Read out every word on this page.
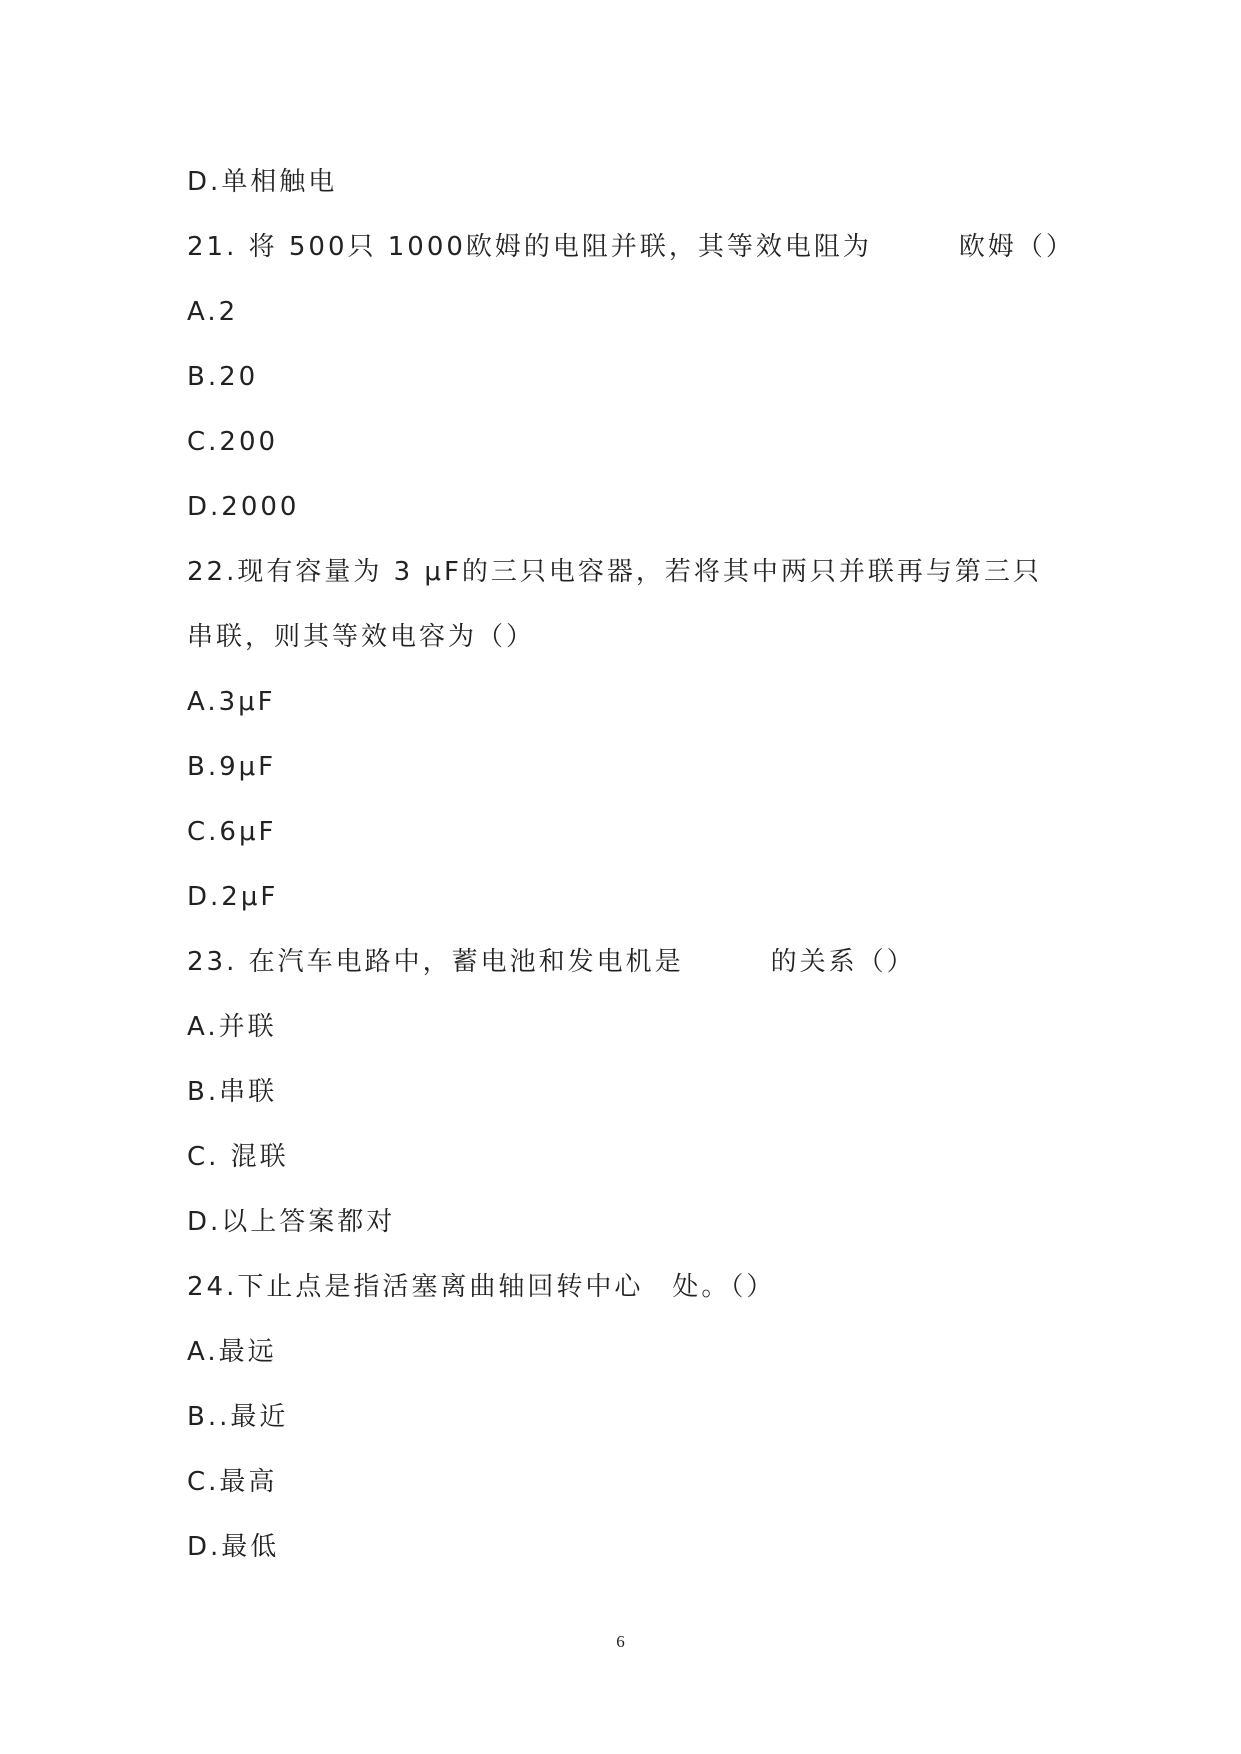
D.单相触电
21. 将 500只 1000欧姆的电阻并联，其等效电阻为　　　欧姆（）
A.2
B.20
C.200
D.2000
22.现有容量为 3 μF的三只电容器，若将其中两只并联再与第三只
串联，则其等效电容为（）
A.3μF
B.9μF
C.6μF
D.2μF
23. 在汽车电路中，蓄电池和发电机是　　　的关系（）
A.并联
B.串联
C. 混联
D.以上答案都对
24.下止点是指活塞离曲轴回转中心　处。（）
A.最远
B..最近
C.最高
D.最低
6
